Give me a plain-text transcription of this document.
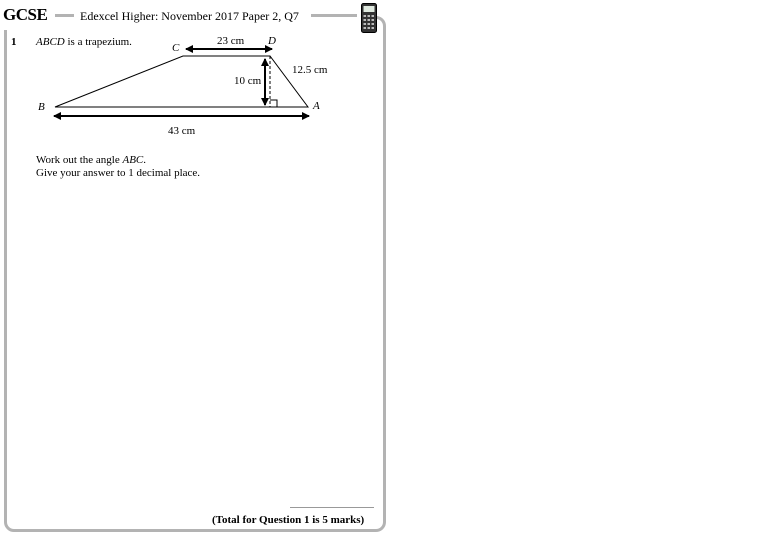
GCSE	Edexcel Higher: November 2017 Paper 2, Q7
1 ABCD is a trapezium.	C
D
B	A
23 cm
10 cm
12.5 cm
43 cm
Work out the angle ABC.
Give your answer to 1 decimal place.
(Total for Question 1 is 5 marks)
